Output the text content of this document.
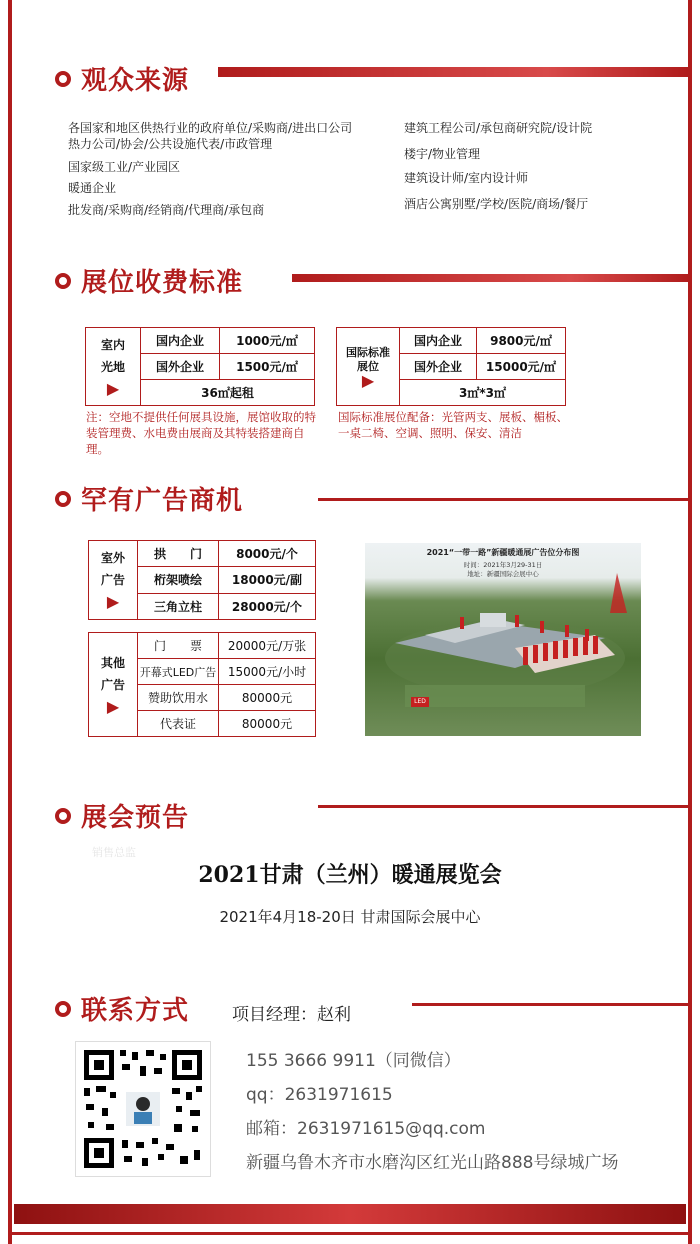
观众来源
各国家和地区供热行业的政府单位/采购商/进出口公司
热力公司/协会/公共设施代表/市政管理
国家级工业/产业园区
暖通企业
批发商/采购商/经销商/代理商/承包商
建筑工程公司/承包商研究院/设计院
楼宇/物业管理
建筑设计师/室内设计师
酒店公寓别墅/学校/医院/商场/餐厅
展位收费标准
室内
光地
▶	国内企业	1000元/㎡
	国外企业	1500元/㎡
	36㎡起租	
国际标准展位
▶	国内企业	9800元/㎡
	国外企业	15000元/㎡
	3㎡*3㎡	
注：空地不提供任何展具设施，展馆收取的特装管理费、水电费由展商及其特装搭建商自理。
国际标准展位配备：光管两支、展板、楣板、一桌二椅、空调、照明、保安、清洁
罕有广告商机
室外
广告
▶	拱　　门	8000元/个
	桁架喷绘	18000元/副
	三角立柱	28000元/个
其他
广告
▶	门　　票	20000元/万张
	开幕式LED广告	15000元/小时
	赞助饮用水	80000元
	代表证	80000元
2021“一带一路”新疆暖通展广告位分布图
时间：2021年3月29-31日
地址：新疆国际会展中心
LED
展会预告
销售总监
2021甘肃（兰州）暖通展览会
2021年4月18-20日 甘肃国际会展中心
联系方式	项目经理：赵利
155 3666 9911（同微信）
qq：2631971615
邮箱：2631971615@qq.com
新疆乌鲁木齐市水磨沟区红光山路888号绿城广场
